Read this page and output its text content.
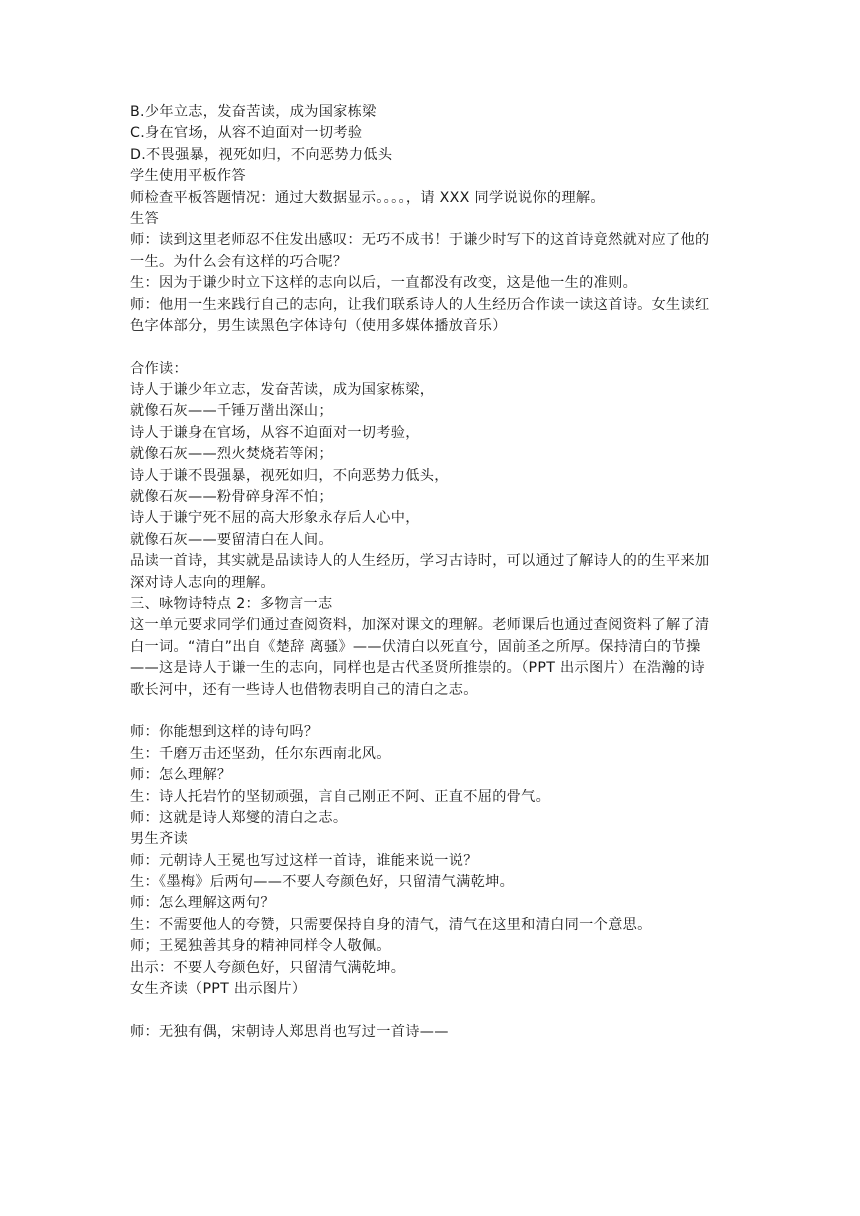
B.少年立志，发奋苦读，成为国家栋梁
C.身在官场，从容不迫面对一切考验
D.不畏强暴，视死如归，不向恶势力低头
学生使用平板作答
师检查平板答题情况：通过大数据显示。。。。，请 XXX 同学说说你的理解。
生答
师：读到这里老师忍不住发出感叹：无巧不成书！于谦少时写下的这首诗竟然就对应了他的
一生。为什么会有这样的巧合呢？
生：因为于谦少时立下这样的志向以后，一直都没有改变，这是他一生的准则。
师：他用一生来践行自己的志向，让我们联系诗人的人生经历合作读一读这首诗。女生读红
色字体部分，男生读黑色字体诗句（使用多媒体播放音乐）
合作读：
诗人于谦少年立志，发奋苦读，成为国家栋梁，
就像石灰——千锤万凿出深山；
诗人于谦身在官场，从容不迫面对一切考验，
就像石灰——烈火焚烧若等闲；
诗人于谦不畏强暴，视死如归，不向恶势力低头，
就像石灰——粉骨碎身浑不怕；
诗人于谦宁死不屈的高大形象永存后人心中，
就像石灰——要留清白在人间。
品读一首诗，其实就是品读诗人的人生经历，学习古诗时，可以通过了解诗人的的生平来加
深对诗人志向的理解。
三、咏物诗特点 2：多物言一志
这一单元要求同学们通过查阅资料，加深对课文的理解。老师课后也通过查阅资料了解了清
白一词。“清白”出自《楚辞 离骚》——伏清白以死直兮，固前圣之所厚。保持清白的节操
——这是诗人于谦一生的志向，同样也是古代圣贤所推崇的。（PPT 出示图片）在浩瀚的诗
歌长河中，还有一些诗人也借物表明自己的清白之志。
师：你能想到这样的诗句吗？
生：千磨万击还坚劲，任尔东西南北风。
师：怎么理解？
生：诗人托岩竹的坚韧顽强，言自己刚正不阿、正直不屈的骨气。
师：这就是诗人郑燮的清白之志。
男生齐读
师：元朝诗人王冕也写过这样一首诗，谁能来说一说？
生：《墨梅》后两句——不要人夸颜色好，只留清气满乾坤。
师：怎么理解这两句？
生：不需要他人的夸赞，只需要保持自身的清气，清气在这里和清白同一个意思。
师；王冕独善其身的精神同样令人敬佩。
出示：不要人夸颜色好，只留清气满乾坤。
女生齐读（PPT 出示图片）
师：无独有偶，宋朝诗人郑思肖也写过一首诗——
